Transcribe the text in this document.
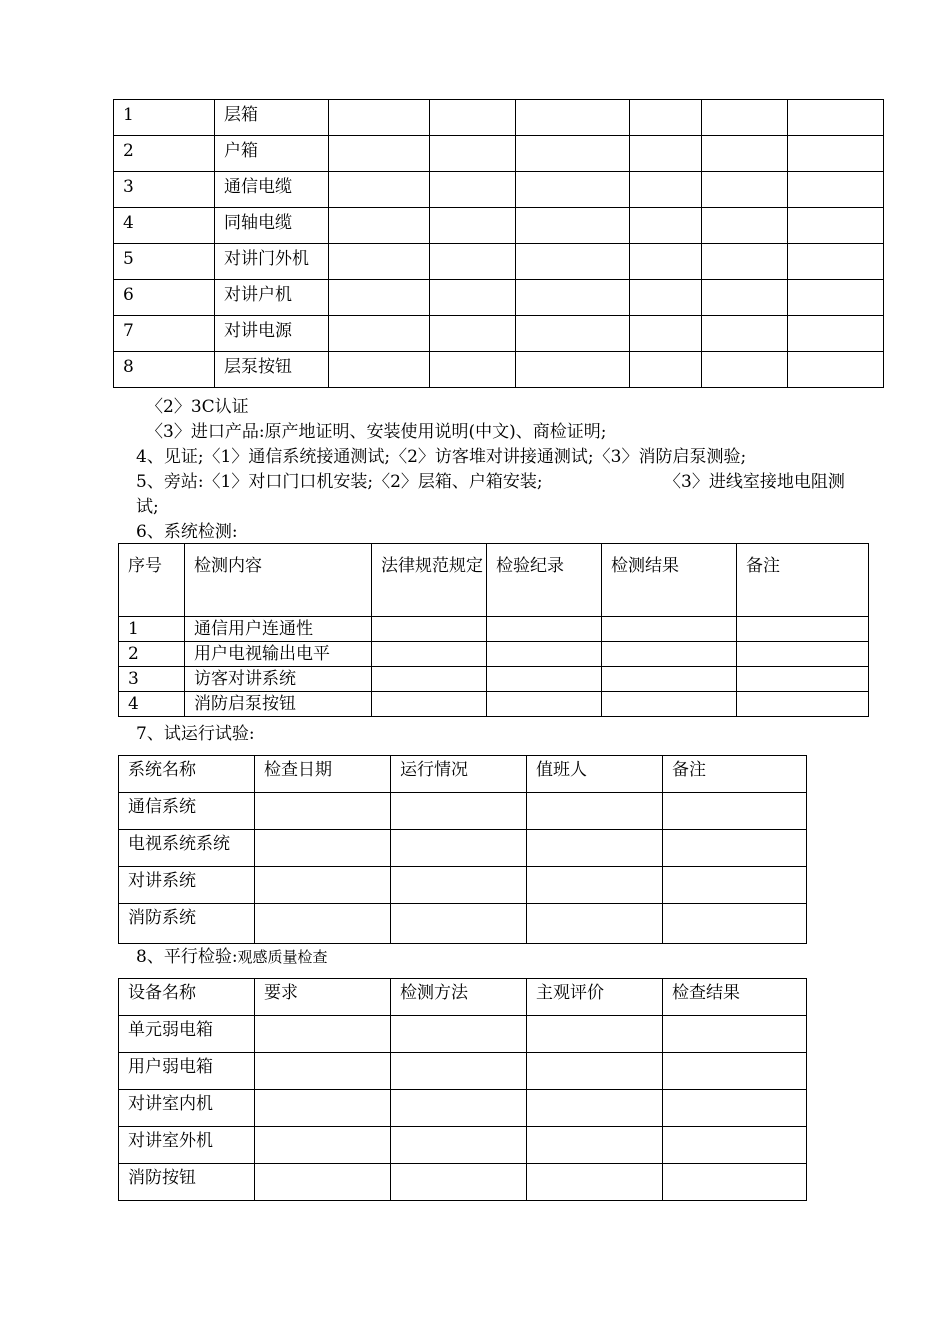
1	层箱						
2	户箱						
3	通信电缆						
4	同轴电缆						
5	对讲门外机						
6	对讲户机						
7	对讲电源						
8	层泵按钮						
〈2〉3C认证
〈3〉进口产品:原产地证明、安装使用说明(中文)、商检证明;
4、见证;〈1〉通信系统接通测试;〈2〉访客堆对讲接通测试;〈3〉消防启泵测验;
5、旁站:〈1〉对口门口机安装;〈2〉层箱、户箱安装;	〈3〉进线室接地电阻测
试;
6、系统检测:
序号	检测内容	法律规范规定	检验纪录	检测结果	备注
1	通信用户连通性				
2	用户电视输出电平				
3	访客对讲系统				
4	消防启泵按钮				
7、试运行试验:
系统名称	检查日期	运行情况	值班人	备注
通信系统				
电视系统系统				
对讲系统				
消防系统				
8、平行检验:观感质量检查
设备名称	要求	检测方法	主观评价	检查结果
单元弱电箱				
用户弱电箱				
对讲室内机				
对讲室外机				
消防按钮				
